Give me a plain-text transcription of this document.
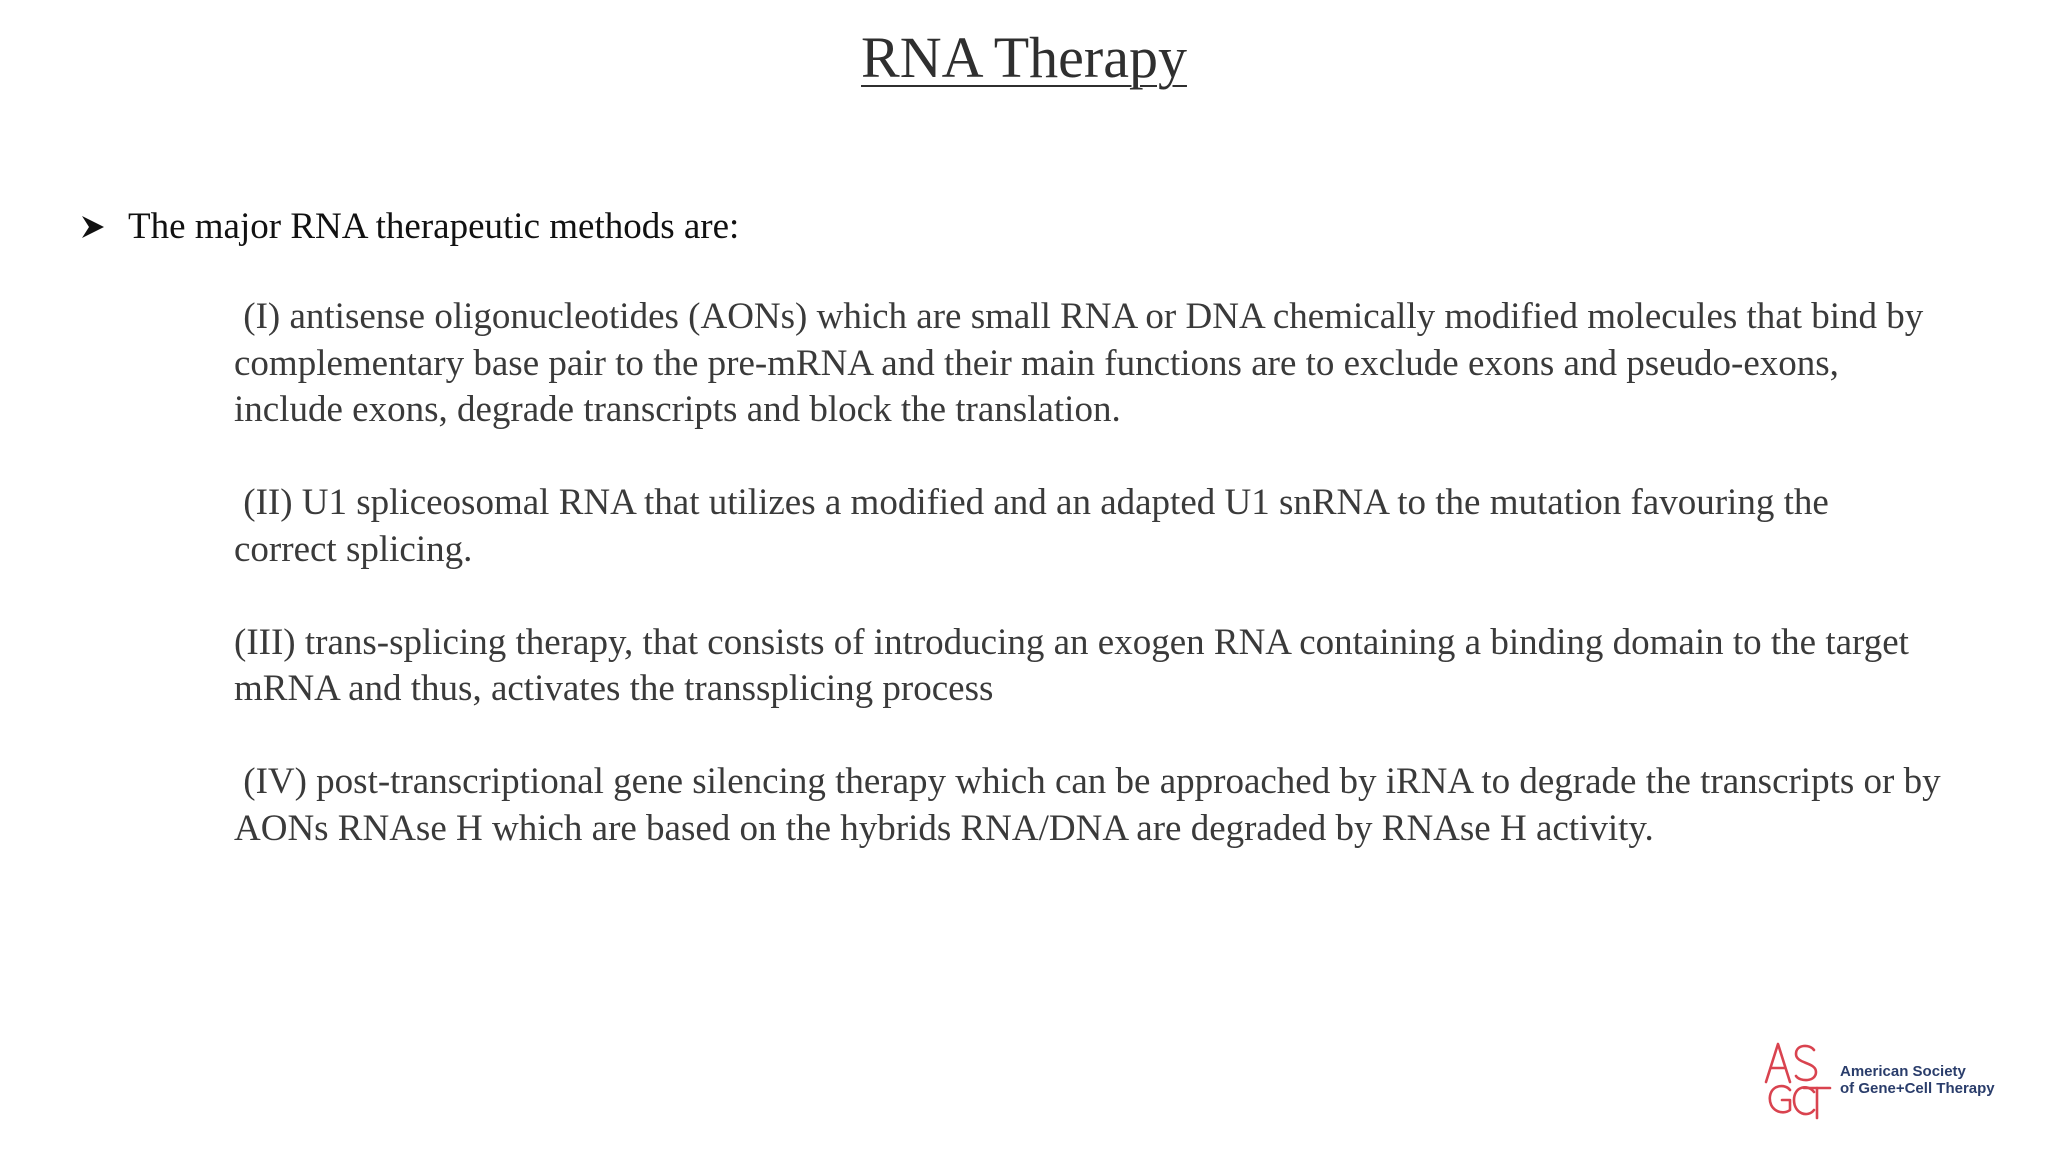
RNA Therapy
The major RNA therapeutic methods are:

(I) antisense oligonucleotides (AONs) which are small RNA or DNA chemically modified molecules that bind by
complementary base pair to the pre-mRNA and their main functions are to exclude exons and pseudo-exons,
include exons, degrade transcripts and block the translation.

(II) U1 spliceosomal RNA that utilizes a modified and an adapted U1 snRNA to the mutation favouring the
correct splicing.

(III) trans-splicing therapy, that consists of introducing an exogen RNA containing a binding domain to the target
mRNA and thus, activates the transsplicing process

(IV) post-transcriptional gene silencing therapy which can be approached by iRNA to degrade the transcripts or by
AONs RNAse H which are based on the hybrids RNA/DNA are degraded by RNAse H activity.

American Society
of Gene+Cell Therapy
